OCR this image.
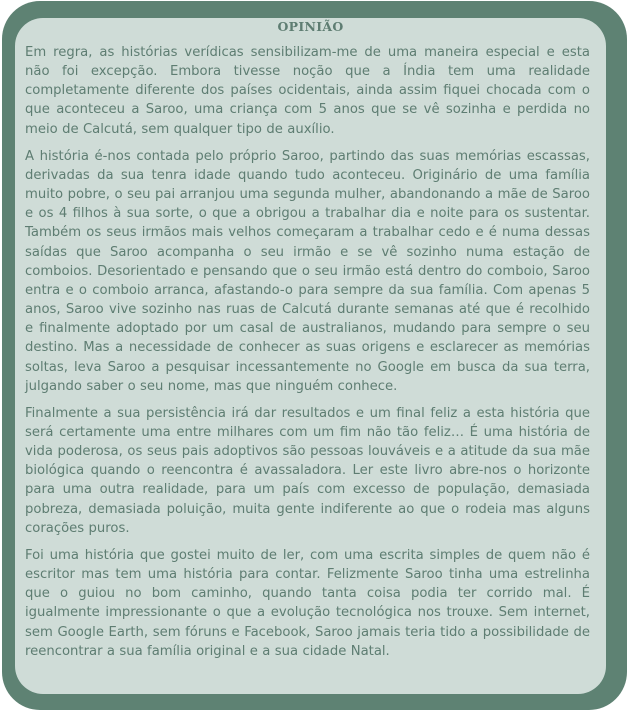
OPINIÃO

Em regra, as histórias verídicas sensibilizam-me de uma maneira especial e esta não foi excepção. Embora tivesse noção que a Índia tem uma realidade completamente diferente dos países ocidentais, ainda assim fiquei chocada com o que aconteceu a Saroo, uma criança com 5 anos que se vê sozinha e perdida no meio de Calcutá, sem qualquer tipo de auxílio.

A história é-nos contada pelo próprio Saroo, partindo das suas memórias escassas, derivadas da sua tenra idade quando tudo aconteceu. Originário de uma família muito pobre, o seu pai arranjou uma segunda mulher, abandonando a mãe de Saroo e os 4 filhos à sua sorte, o que a obrigou a trabalhar dia e noite para os sustentar. Também os seus irmãos mais velhos começaram a trabalhar cedo e é numa dessas saídas que Saroo acompanha o seu irmão e se vê sozinho numa estação de comboios. Desorientado e pensando que o seu irmão está dentro do comboio, Saroo entra e o comboio arranca, afastando-o para sempre da sua família. Com apenas 5 anos, Saroo vive sozinho nas ruas de Calcutá durante semanas até que é recolhido e finalmente adoptado por um casal de australianos, mudando para sempre o seu destino. Mas a necessidade de conhecer as suas origens e esclarecer as memórias soltas, leva Saroo a pesquisar incessantemente no Google em busca da sua terra, julgando saber o seu nome, mas que ninguém conhece.

Finalmente a sua persistência irá dar resultados e um final feliz a esta história que será certamente uma entre milhares com um fim não tão feliz… É uma história de vida poderosa, os seus pais adoptivos são pessoas louváveis e a atitude da sua mãe biológica quando o reencontra é avassaladora. Ler este livro abre-nos o horizonte para uma outra realidade, para um país com excesso de população, demasiada pobreza, demasiada poluição, muita gente indiferente ao que o rodeia mas alguns corações puros.

Foi uma história que gostei muito de ler, com uma escrita simples de quem não é escritor mas tem uma história para contar. Felizmente Saroo tinha uma estrelinha que o guiou no bom caminho, quando tanta coisa podia ter corrido mal. É igualmente impressionante o que a evolução tecnológica nos trouxe. Sem internet, sem Google Earth, sem fóruns e Facebook, Saroo jamais teria tido a possibilidade de reencontrar a sua família original e a sua cidade Natal.
